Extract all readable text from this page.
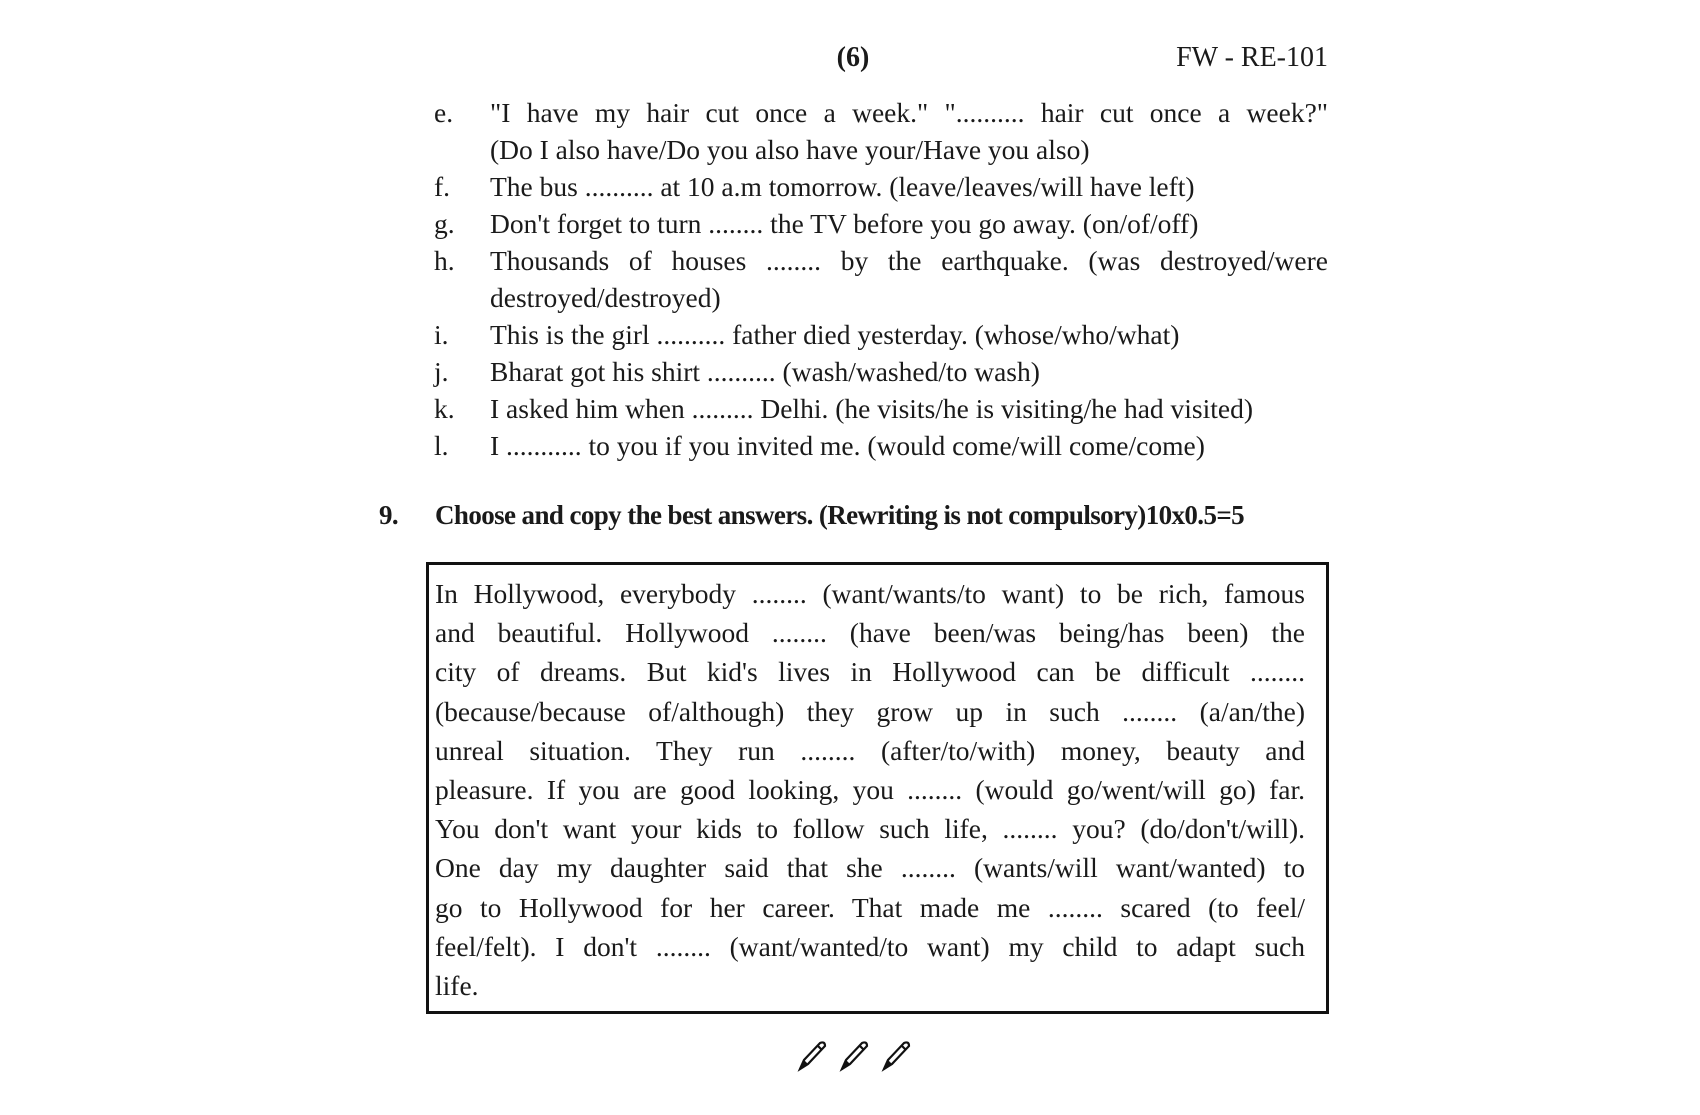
(6)	FW - RE-101
e.	"I have my hair cut once a week." ".......... hair cut once a week?"
(Do I also have/Do you also have your/Have you also)
f.	The bus .......... at 10 a.m tomorrow. (leave/leaves/will have left)
g.	Don't forget to turn ........ the TV before you go away. (on/of/off)
h.	Thousands of houses ........ by the earthquake. (was destroyed/were
destroyed/destroyed)
i.	This is the girl .......... father died yesterday. (whose/who/what)
j.	Bharat got his shirt .......... (wash/washed/to wash)
k.	I asked him when ......... Delhi. (he visits/he is visiting/he had visited)
l.	I ........... to you if you invited me. (would come/will come/come)
9.	Choose and copy the best answers. (Rewriting is not compulsory)10x0.5=5
In Hollywood, everybody ........ (want/wants/to want) to be rich, famous
and beautiful. Hollywood ........ (have been/was being/has been) the
city of dreams. But kid's lives in Hollywood can be difficult ........
(because/because of/although) they grow up in such ........ (a/an/the)
unreal situation. They run ........ (after/to/with) money, beauty and
pleasure. If you are good looking, you ........ (would go/went/will go) far.
You don't want your kids to follow such life, ........ you? (do/don't/will).
One day my daughter said that she ........ (wants/will want/wanted) to
go to Hollywood for her career. That made me ........ scared (to feel/
feel/felt). I don't ........ (want/wanted/to want) my child to adapt such
life.
